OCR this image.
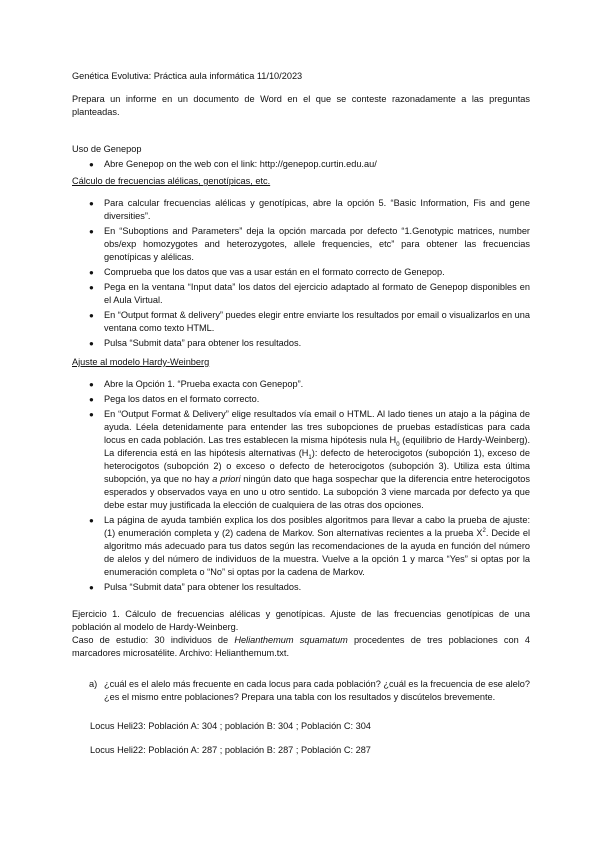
Genética Evolutiva: Práctica aula informática 11/10/2023

Prepara un informe en un documento de Word en el que se conteste razonadamente a las preguntas planteadas.

Uso de Genepop

● Abre Genepop on the web con el link: http://genepop.curtin.edu.au/

Cálculo de frecuencias alélicas, genotípicas, etc.

● Para calcular frecuencias alélicas y genotípicas, abre la opción 5. “Basic Information, Fis and gene diversities”.
● En “Suboptions and Parameters” deja la opción marcada por defecto “1.Genotypic matrices, number obs/exp homozygotes and heterozygotes, allele frequencies, etc” para obtener las frecuencias genotípicas y alélicas.
● Comprueba que los datos que vas a usar están en el formato correcto de Genepop.
● Pega en la ventana “Input data” los datos del ejercicio adaptado al formato de Genepop disponibles en el Aula Virtual.
● En “Output format & delivery” puedes elegir entre enviarte los resultados por email o visualizarlos en una ventana como texto HTML.
● Pulsa “Submit data” para obtener los resultados.

Ajuste al modelo Hardy-Weinberg

● Abre la Opción 1. “Prueba exacta con Genepop”.
● Pega los datos en el formato correcto.
● En “Output Format & Delivery” elige resultados vía email o HTML. Al lado tienes un atajo a la página de ayuda. Léela detenidamente para entender las tres subopciones de pruebas estadísticas para cada locus en cada población. Las tres establecen la misma hipótesis nula $H_0$ (equilibrio de Hardy-Weinberg). La diferencia está en las hipótesis alternativas $(H_1)$: defecto de heterocigotos (subopción 1), exceso de heterocigotos (subopción 2) o exceso o defecto de heterocigotos (subopción 3). Utiliza esta última subopción, ya que no hay a priori ningún dato que haga sospechar que la diferencia entre heterocigotos esperados y observados vaya en uno u otro sentido. La subopción 3 viene marcada por defecto ya que debe estar muy justificada la elección de cualquiera de las otras dos opciones.
● La página de ayuda también explica los dos posibles algoritmos para llevar a cabo la prueba de ajuste: (1) enumeración completa y (2) cadena de Markov. Son alternativas recientes a la prueba $X^2$. Decide el algoritmo más adecuado para tus datos según las recomendaciones de la ayuda en función del número de alelos y del número de individuos de la muestra. Vuelve a la opción 1 y marca “Yes” si optas por la enumeración completa o “No” si optas por la cadena de Markov.
● Pulsa “Submit data” para obtener los resultados.

Ejercicio 1. Cálculo de frecuencias alélicas y genotípicas. Ajuste de las frecuencias genotípicas de una población al modelo de Hardy-Weinberg.

Caso de estudio: 30 individuos de Helianthemum squamatum procedentes de tres poblaciones con 4 marcadores microsatélite. Archivo: Helianthemum.txt.

a) ¿cuál es el alelo más frecuente en cada locus para cada población? ¿cuál es la frecuencia de ese alelo? ¿es el mismo entre poblaciones? Prepara una tabla con los resultados y discútelos brevemente.

Locus Heli23: Población A: 304 ; población B: 304 ; Población C: 304

Locus Heli22: Población A: 287 ; población B: 287 ; Población C: 287
